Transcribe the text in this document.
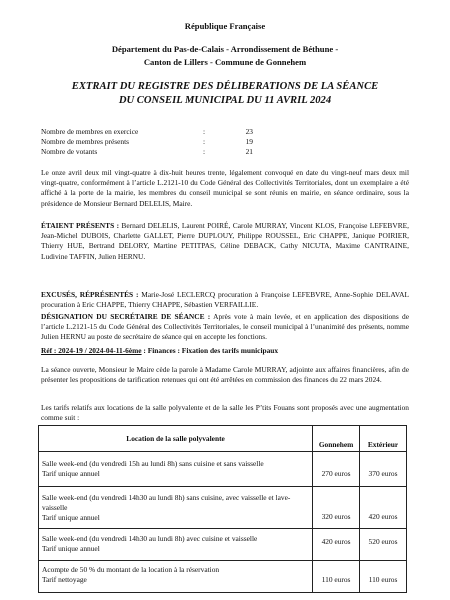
République Française
Département du Pas-de-Calais - Arrondissement de Béthune -
Canton de Lillers - Commune de Gonnehem
EXTRAIT DU REGISTRE DES DÉLIBERATIONS DE LA SÉANCE
DU CONSEIL MUNICIPAL DU 11 AVRIL 2024
Nombre de membres en exercice	:	23
Nombre de membres présents	:	19
Nombre de votants	:	21
Le onze avril deux mil vingt-quatre à dix-huit heures trente, légalement convoqué en date du vingt-neuf mars deux mil vingt-quatre, conformément à l’article L.2121-10 du Code Général des Collectivités Territoriales, dont un exemplaire a été affiché à la porte de la mairie, les membres du conseil municipal se sont réunis en mairie, en séance ordinaire, sous la présidence de Monsieur Bernard DELELIS, Maire.
ÉTAIENT PRÉSENTS : Bernard DELELIS, Laurent POIRÉ, Carole MURRAY, Vincent KLOS, Françoise LEFEBVRE, Jean-Michel DUBOIS, Charlette GALLET, Pierre DUPLOUY, Philippe ROUSSEL, Eric CHAPPE, Janique POIRIER, Thierry HUE, Bertrand DELORY, Martine PETITPAS, Céline DEBACK, Cathy NICUTA, Maxime CANTRAINE, Ludivine TAFFIN, Julien HERNU.
EXCUSÉS, RÉPRÉSENTÉS : Marie-José LECLERCQ procuration à Françoise LEFEBVRE, Anne-Sophie DELAVAL procuration à Eric CHAPPE, Thierry CHAPPE, Sébastien VERFAILLIE.
DÉSIGNATION DU SECRÉTAIRE DE SÉANCE : Après vote à main levée, et en application des dispositions de l’article L.2121-15 du Code Général des Collectivités Territoriales, le conseil municipal à l’unanimité des présents, nomme Julien HERNU au poste de secrétaire de séance qui en accepte les fonctions.
Réf : 2024-19 / 2024-04-11-6ème : Finances : Fixation des tarifs municipaux
La séance ouverte, Monsieur le Maire cède la parole à Madame Carole MURRAY, adjointe aux affaires financières, afin de présenter les propositions de tarification retenues qui ont été arrêtées en commission des finances du 22 mars 2024.
Les tarifs relatifs aux locations de la salle polyvalente et de la salle les P’tits Fouans sont proposés avec une augmentation comme suit :
Location de la salle polyvalente		
	Gonnehem	Extérieur

Salle week-end (du vendredi 15h au lundi 8h) sans cuisine et sans vaisselle
Tarif unique annuel	270 euros	370 euros

Salle week-end (du vendredi 14h30 au lundi 8h) sans cuisine, avec vaisselle et lave-vaisselle
Tarif unique annuel	320 euros	420 euros

Salle week-end (du vendredi 14h30 au lundi 8h) avec cuisine et vaisselle
Tarif unique annuel	420 euros	520 euros

Acompte de 50 % du montant de la location à la réservation
Tarif nettoyage	110 euros	110 euros
